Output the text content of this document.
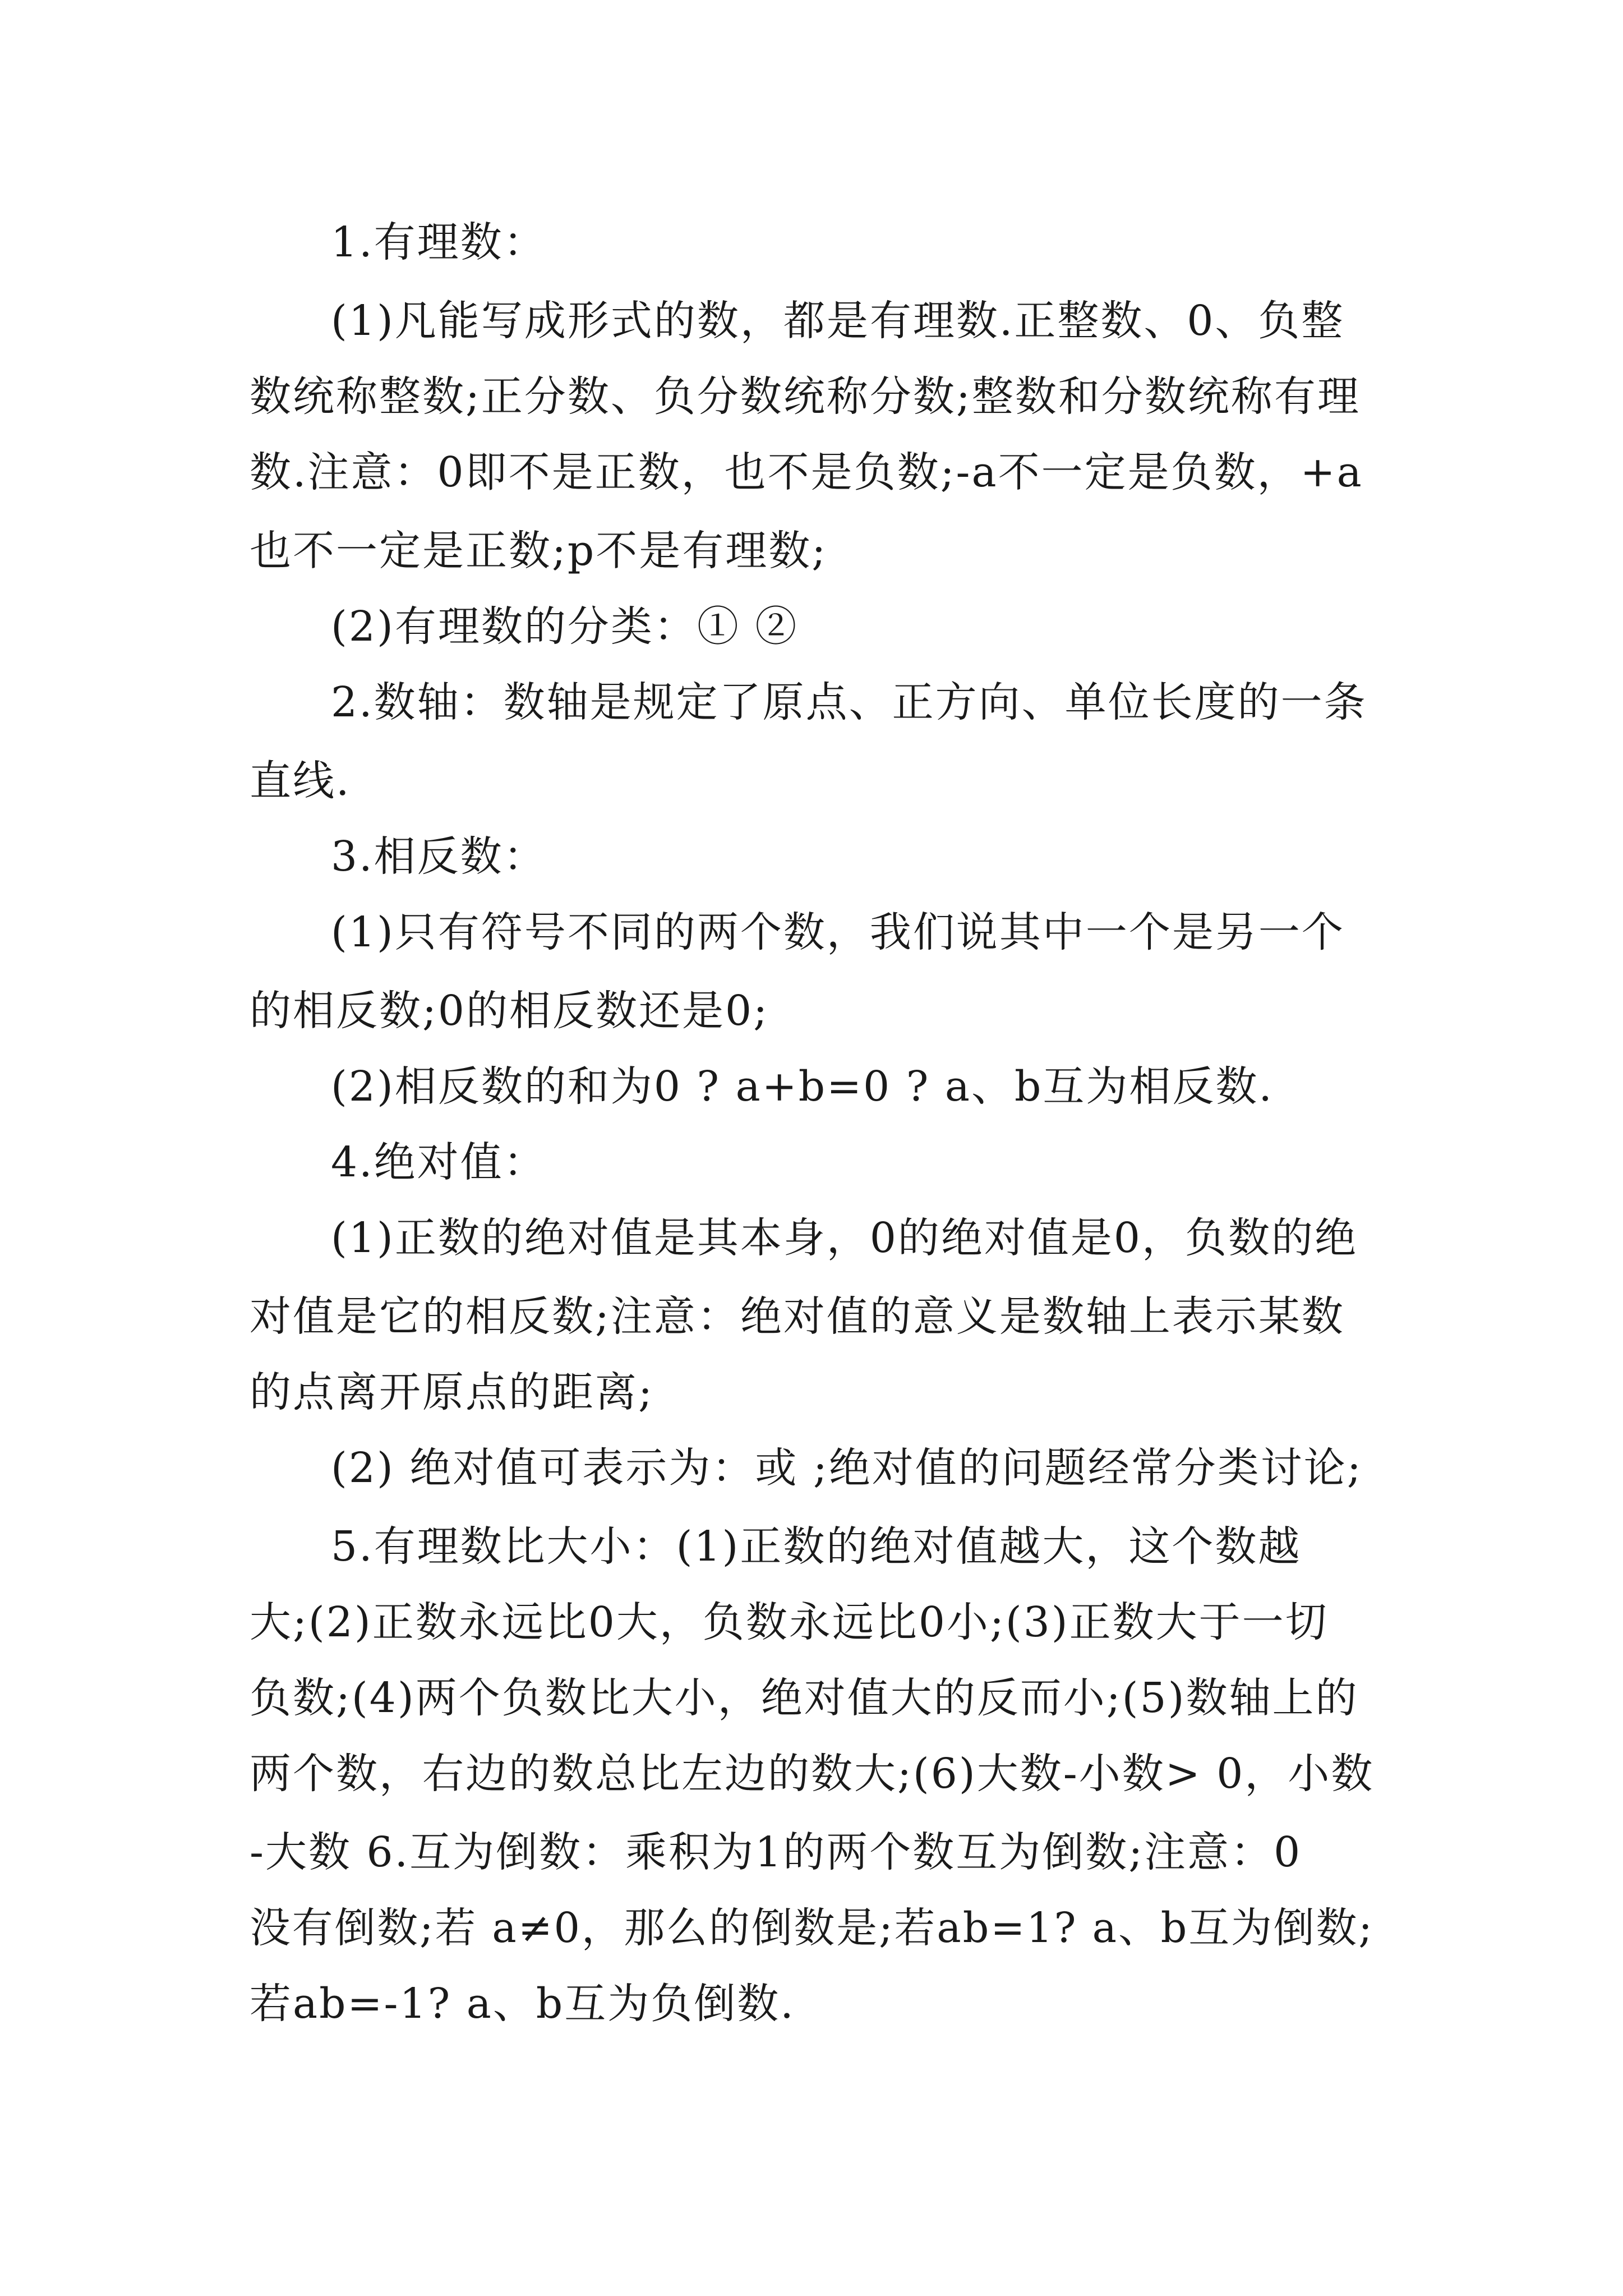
1.有理数：
(1)凡能写成形式的数，都是有理数.正整数、0、负整
数统称整数;正分数、负分数统称分数;整数和分数统称有理
数.注意：0即不是正数，也不是负数;-a不一定是负数，+a
也不一定是正数;p不是有理数;
(2)有理数的分类：① ②
2.数轴：数轴是规定了原点、正方向、单位长度的一条
直线.
3.相反数：
(1)只有符号不同的两个数，我们说其中一个是另一个
的相反数;0的相反数还是0;
(2)相反数的和为0 ? a+b=0 ? a、b互为相反数.
4.绝对值：
(1)正数的绝对值是其本身，0的绝对值是0，负数的绝
对值是它的相反数;注意：绝对值的意义是数轴上表示某数
的点离开原点的距离;
(2) 绝对值可表示为：或 ;绝对值的问题经常分类讨论;
5.有理数比大小：(1)正数的绝对值越大，这个数越
大;(2)正数永远比0大，负数永远比0小;(3)正数大于一切
负数;(4)两个负数比大小，绝对值大的反而小;(5)数轴上的
两个数，右边的数总比左边的数大;(6)大数-小数> 0，小数
-大数 6.互为倒数：乘积为1的两个数互为倒数;注意：0
没有倒数;若 a≠0，那么的倒数是;若ab=1? a、b互为倒数;
若ab=-1? a、b互为负倒数.
